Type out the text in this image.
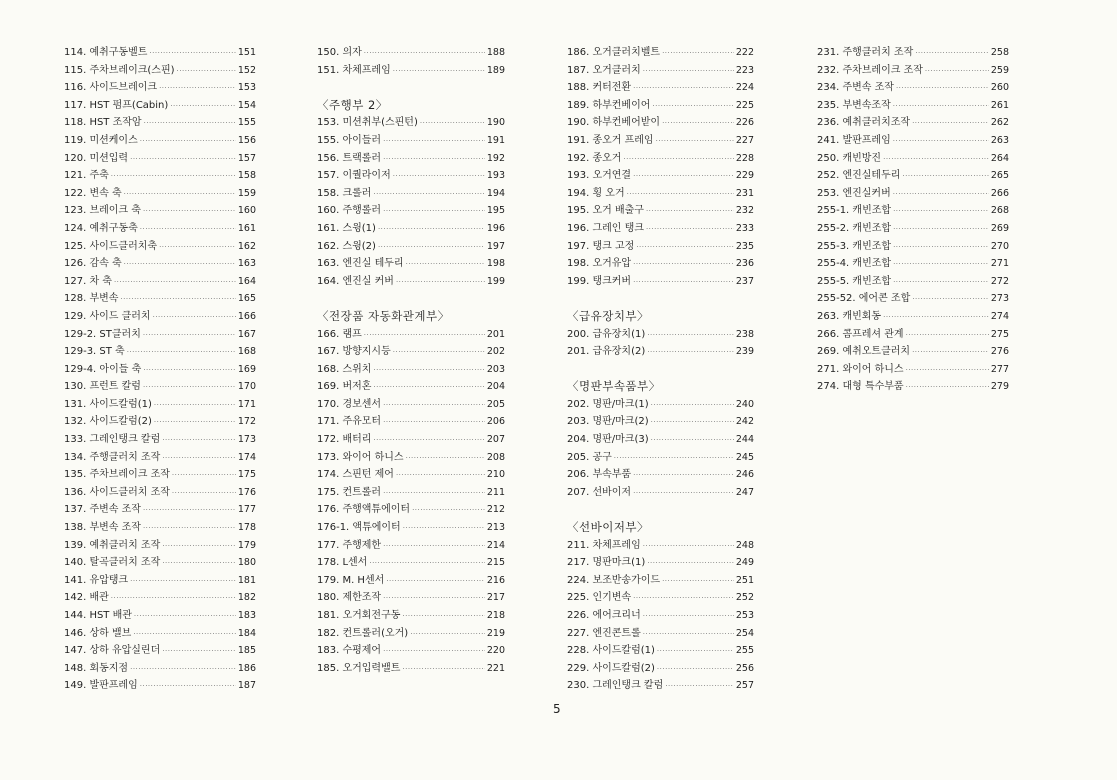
114. 예취구동벨트 ·····	151
115. 주차브레이크(스핀) ·····	152
116. 사이드브레이크 ·····	153
117. HST 펌프(Cabin) ·····	154
118. HST 조작암 ·····	155
119. 미션케이스 ·····	156
120. 미션입력 ·····	157
121. 주축 ·····	158
122. 변속 축 ·····	159
123. 브레이크 축 ·····	160
124. 예취구동축 ·····	161
125. 사이드클러치축 ·····	162
126. 감속 축 ·····	163
127. 차 축 ·····	164
128. 부변속 ·····	165
129. 사이드 클러치 ·····	166
129-2. ST클러치 ·····	167
129-3. ST 축 ·····	168
129-4. 아이들 축 ·····	169
130. 프런트 칼럼 ·····	170
131. 사이드칼럼(1) ·····	171
132. 사이드칼럼(2) ·····	172
133. 그레인탱크 칼럼 ·····	173
134. 주행클러치 조작 ·····	174
135. 주차브레이크 조작 ·····	175
136. 사이드클러치 조작 ·····	176
137. 주변속 조작 ·····	177
138. 부변속 조작 ·····	178
139. 예취클러치 조작 ·····	179
140. 탈곡클러치 조작 ·····	180
141. 유압탱크 ·····	181
142. 배관 ·····	182
144. HST 배관 ·····	183
146. 상하 밸브 ·····	184
147. 상하 유압실린더 ·····	185
148. 회동지점 ·····	186
149. 발판프레임 ·····	187
150. 의자 ·····	188
151. 차체프레임 ·····	189
〈주행부 2〉
153. 미션취부(스핀턴) ·····	190
155. 아이들러 ·····	191
156. 트랙롤러 ·····	192
157. 이퀄라이저 ·····	193
158. 크롤러 ·····	194
160. 주행롤러 ·····	195
161. 스윙(1) ·····	196
162. 스윙(2) ·····	197
163. 엔진실 테두리 ·····	198
164. 엔진실 커버 ·····	199
〈전장품 자동화관계부〉
166. 램프 ·····	201
167. 방향지시등 ·····	202
168. 스위치 ·····	203
169. 버저혼 ·····	204
170. 경보센서 ·····	205
171. 주유모터 ·····	206
172. 배터리 ·····	207
173. 와이어 하니스 ·····	208
174. 스핀턴 제어 ·····	210
175. 컨트롤러 ·····	211
176. 주행액튜에이터 ·····	212
176-1. 액튜에이터 ·····	213
177. 주행제한 ·····	214
178. L센서 ·····	215
179. M. H센서 ·····	216
180. 제한조작 ·····	217
181. 오거회전구동 ·····	218
182. 컨트롤러(오거) ·····	219
183. 수평제어 ·····	220
185. 오거입력밸트 ·····	221
186. 오거클러치벨트 ·····	222
187. 오거클러치 ·····	223
188. 커터전환 ·····	224
189. 하부컨베이어 ·····	225
190. 하부컨베어받이 ·····	226
191. 종오거 프레임 ·····	227
192. 종오거 ·····	228
193. 오거연결 ·····	229
194. 횡 오거 ·····	231
195. 오거 배출구 ·····	232
196. 그레인 탱크 ·····	233
197. 탱크 고정 ·····	235
198. 오거유압 ·····	236
199. 탱크커버 ·····	237
〈급유장치부〉
200. 급유장치(1) ·····	238
201. 급유장치(2) ·····	239
〈명판부속품부〉
202. 명판/마크(1) ·····	240
203. 명판/마크(2) ·····	242
204. 명판/마크(3) ·····	244
205. 공구 ·····	245
206. 부속부품 ·····	246
207. 선바이저 ·····	247
〈선바이저부〉
211. 차체프레임 ·····	248
217. 명판마크(1) ·····	249
224. 보조반송가이드 ·····	251
225. 인기변속 ·····	252
226. 에어크리너 ·····	253
227. 엔진콘트롤 ·····	254
228. 사이드칼럼(1) ·····	255
229. 사이드칼럼(2) ·····	256
230. 그레인탱크 칼럼 ·····	257
231. 주행클러치 조작 ·····	258
232. 주차브레이크 조작 ·····	259
234. 주변속 조작 ·····	260
235. 부변속조작 ·····	261
236. 예취클러치조작 ·····	262
241. 발판프레임 ·····	263
250. 캐빈방진 ·····	264
252. 엔진실테두리 ·····	265
253. 엔진실커버 ·····	266
255-1. 캐빈조합 ·····	268
255-2. 캐빈조합 ·····	269
255-3. 캐빈조합 ·····	270
255-4. 캐빈조합 ·····	271
255-5. 캐빈조합 ·····	272
255-52. 에어콘 조합 ·····	273
263. 캐빈회동 ·····	274
266. 콤프레셔 관계 ·····	275
269. 예취오트클러치 ·····	276
271. 와이어 하니스 ·····	277
274. 대형 특수부품 ·····	279
5
